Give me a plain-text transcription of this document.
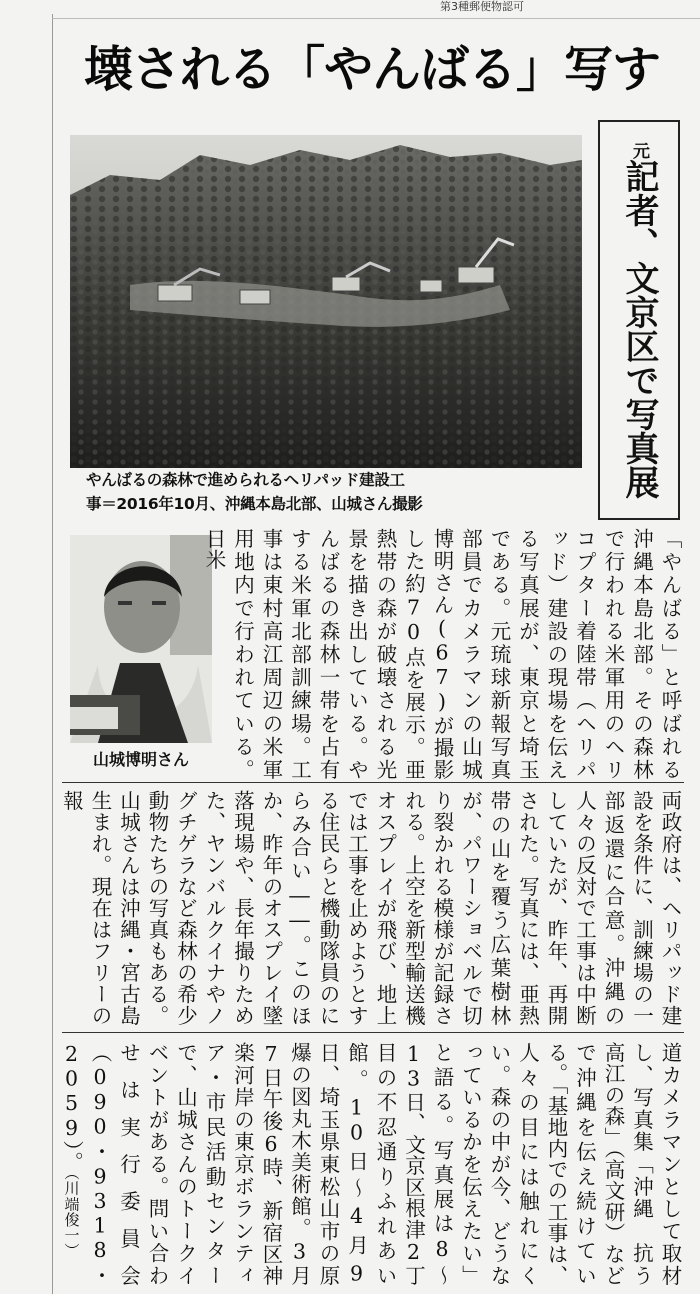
第3種郵便物認可
壊される「やんばる」写す
やんばるの森林で進められるヘリパッド建設工
事＝2016年10月、沖縄本島北部、山城さん撮影
元記者、文京区で写真展
山城博明さん	「やんばる」と呼ばれる沖縄本島北部。その森林で行われる米軍用のヘリコプター着陸帯（ヘリパッド）建設の現場を伝える写真展が、東京と埼玉である。元琉球新報写真部員でカメラマンの山城博明さん(67)が撮影した約70点を展示。亜熱帯の森が破壊される光景を描き出している。やんばるの森林一帯を占有する米軍北部訓練場。工事は東村高江周辺の米軍用地内で行われている。日米
両政府は、ヘリパッド建設を条件に、訓練場の一部返還に合意。沖縄の人々の反対で工事は中断していたが、昨年、再開された。写真には、亜熱帯の山を覆う広葉樹林が、パワーショベルで切り裂かれる模様が記録される。上空を新型輸送機オスプレイが飛び、地上では工事を止めようとする住民らと機動隊員のにらみ合い――。このほか、昨年のオスプレイ墜落現場や、長年撮りためた、ヤンバルクイナやノグチゲラなど森林の希少動物たちの写真もある。山城さんは沖縄・宮古島生まれ。現在はフリーの報
道カメラマンとして取材し、写真集「沖縄　抗う高江の森」（高文研）などで沖縄を伝え続けている。「基地内での工事は、人々の目には触れにくい。森の中が今、どうなっているかを伝えたい」と語る。写真展は8～13日、文京区根津2丁目の不忍通りふれあい館。10日～4月9日、埼玉県東松山市の原爆の図丸木美術館。3月7日午後6時、新宿区神楽河岸の東京ボランティア・市民活動センターで、山城さんのトークイベントがある。問い合わせは実行委員会（090・9318・2059）。（川端俊一）
